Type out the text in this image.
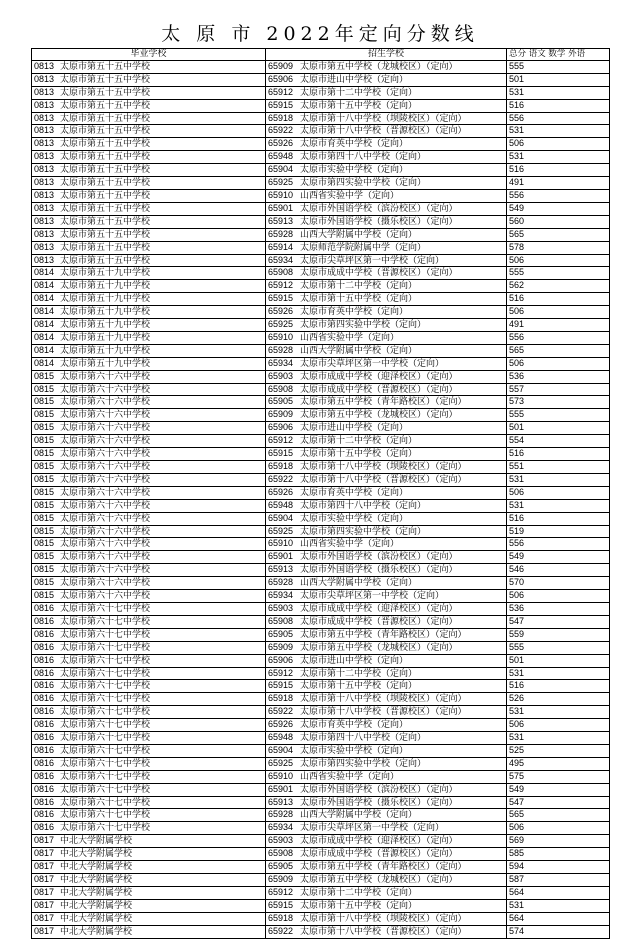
太 原 市 2022年定向分数线
毕业学校	招生学校	总分 语文 数学 外语
0813 太原市第五十五中学校	65909 太原市第五中学校（龙城校区）（定向）	555
0813 太原市第五十五中学校	65906 太原市进山中学校（定向）	501
0813 太原市第五十五中学校	65912 太原市第十二中学校（定向）	531
0813 太原市第五十五中学校	65915 太原市第十五中学校（定向）	516
0813 太原市第五十五中学校	65918 太原市第十八中学校（坝陵校区）（定向）	556
0813 太原市第五十五中学校	65922 太原市第十八中学校（晋源校区）（定向）	531
0813 太原市第五十五中学校	65926 太原市育英中学校（定向）	506
0813 太原市第五十五中学校	65948 太原市第四十八中学校（定向）	531
0813 太原市第五十五中学校	65904 太原市实验中学校（定向）	516
0813 太原市第五十五中学校	65925 太原市第四实验中学校（定向）	491
0813 太原市第五十五中学校	65910 山西省实验中学（定向）	556
0813 太原市第五十五中学校	65901 太原市外国语学校（滨汾校区）（定向）	549
0813 太原市第五十五中学校	65913 太原市外国语学校（摄乐校区）（定向）	560
0813 太原市第五十五中学校	65928 山西大学附属中学校（定向）	565
0813 太原市第五十五中学校	65914 太原师范学院附属中学（定向）	578
0813 太原市第五十五中学校	65934 太原市尖草坪区第一中学校（定向）	506
0814 太原市第五十九中学校	65908 太原市成成中学校（晋源校区）（定向）	555
0814 太原市第五十九中学校	65912 太原市第十二中学校（定向）	562
0814 太原市第五十九中学校	65915 太原市第十五中学校（定向）	516
0814 太原市第五十九中学校	65926 太原市育英中学校（定向）	506
0814 太原市第五十九中学校	65925 太原市第四实验中学校（定向）	491
0814 太原市第五十九中学校	65910 山西省实验中学（定向）	556
0814 太原市第五十九中学校	65928 山西大学附属中学校（定向）	565
0814 太原市第五十九中学校	65934 太原市尖草坪区第一中学校（定向）	506
0815 太原市第六十六中学校	65903 太原市成成中学校（迎泽校区）（定向）	536
0815 太原市第六十六中学校	65908 太原市成成中学校（晋源校区）（定向）	557
0815 太原市第六十六中学校	65905 太原市第五中学校（青年路校区）（定向）	573
0815 太原市第六十六中学校	65909 太原市第五中学校（龙城校区）（定向）	555
0815 太原市第六十六中学校	65906 太原市进山中学校（定向）	501
0815 太原市第六十六中学校	65912 太原市第十二中学校（定向）	554
0815 太原市第六十六中学校	65915 太原市第十五中学校（定向）	516
0815 太原市第六十六中学校	65918 太原市第十八中学校（坝陵校区）（定向）	551
0815 太原市第六十六中学校	65922 太原市第十八中学校（晋源校区）（定向）	531
0815 太原市第六十六中学校	65926 太原市育英中学校（定向）	506
0815 太原市第六十六中学校	65948 太原市第四十八中学校（定向）	531
0815 太原市第六十六中学校	65904 太原市实验中学校（定向）	516
0815 太原市第六十六中学校	65925 太原市第四实验中学校（定向）	519
0815 太原市第六十六中学校	65910 山西省实验中学（定向）	556
0815 太原市第六十六中学校	65901 太原市外国语学校（滨汾校区）（定向）	549
0815 太原市第六十六中学校	65913 太原市外国语学校（摄乐校区）（定向）	546
0815 太原市第六十六中学校	65928 山西大学附属中学校（定向）	570
0815 太原市第六十六中学校	65934 太原市尖草坪区第一中学校（定向）	506
0816 太原市第六十七中学校	65903 太原市成成中学校（迎泽校区）（定向）	536
0816 太原市第六十七中学校	65908 太原市成成中学校（晋源校区）（定向）	547
0816 太原市第六十七中学校	65905 太原市第五中学校（青年路校区）（定向）	559
0816 太原市第六十七中学校	65909 太原市第五中学校（龙城校区）（定向）	555
0816 太原市第六十七中学校	65906 太原市进山中学校（定向）	501
0816 太原市第六十七中学校	65912 太原市第十二中学校（定向）	531
0816 太原市第六十七中学校	65915 太原市第十五中学校（定向）	516
0816 太原市第六十七中学校	65918 太原市第十八中学校（坝陵校区）（定向）	526
0816 太原市第六十七中学校	65922 太原市第十八中学校（晋源校区）（定向）	531
0816 太原市第六十七中学校	65926 太原市育英中学校（定向）	506
0816 太原市第六十七中学校	65948 太原市第四十八中学校（定向）	531
0816 太原市第六十七中学校	65904 太原市实验中学校（定向）	525
0816 太原市第六十七中学校	65925 太原市第四实验中学校（定向）	495
0816 太原市第六十七中学校	65910 山西省实验中学（定向）	575
0816 太原市第六十七中学校	65901 太原市外国语学校（滨汾校区）（定向）	549
0816 太原市第六十七中学校	65913 太原市外国语学校（摄乐校区）（定向）	547
0816 太原市第六十七中学校	65928 山西大学附属中学校（定向）	565
0816 太原市第六十七中学校	65934 太原市尖草坪区第一中学校（定向）	506
0817 中北大学附属学校	65903 太原市成成中学校（迎泽校区）（定向）	569
0817 中北大学附属学校	65908 太原市成成中学校（晋源校区）（定向）	585
0817 中北大学附属学校	65905 太原市第五中学校（青年路校区）（定向）	594
0817 中北大学附属学校	65909 太原市第五中学校（龙城校区）（定向）	587
0817 中北大学附属学校	65912 太原市第十二中学校（定向）	564
0817 中北大学附属学校	65915 太原市第十五中学校（定向）	531
0817 中北大学附属学校	65918 太原市第十八中学校（坝陵校区）（定向）	564
0817 中北大学附属学校	65922 太原市第十八中学校（晋源校区）（定向）	574
